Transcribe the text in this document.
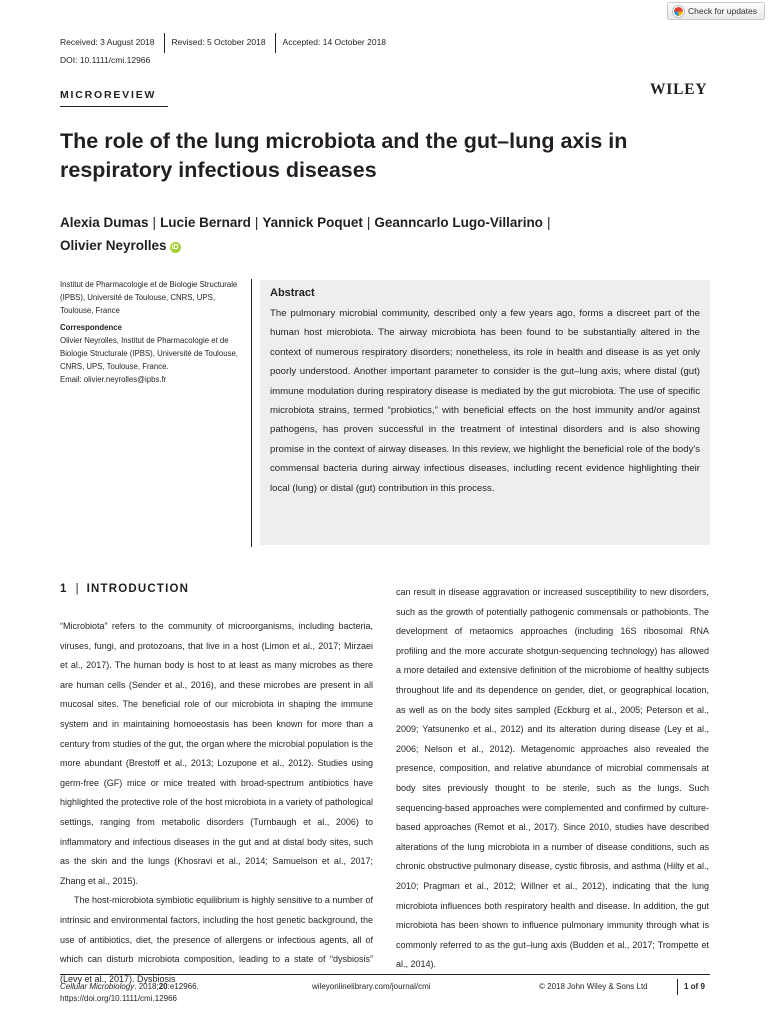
Check for updates
Received: 3 August 2018	Revised: 5 October 2018	Accepted: 14 October 2018
DOI: 10.1111/cmi.12966
MICROREVIEW	WILEY
The role of the lung microbiota and the gut–lung axis in
respiratory infectious diseases
Alexia Dumas | Lucie Bernard | Yannick Poquet | Geanncarlo Lugo-Villarino |
Olivier Neyrolles iD
Institut de Pharmacologie et de Biologie Structurale (IPBS), Université de Toulouse, CNRS, UPS, Toulouse, France
Correspondence
Olivier Neyrolles, Institut de Pharmacologie et de Biologie Structurale (IPBS), Université de Toulouse, CNRS, UPS, Toulouse, France.
Email: olivier.neyrolles@ipbs.fr
Abstract

The pulmonary microbial community, described only a few years ago, forms a discreet part of the human host microbiota. The airway microbiota has been found to be substantially altered in the context of numerous respiratory disorders; nonetheless, its role in health and disease is as yet only poorly understood. Another important parameter to consider is the gut–lung axis, where distal (gut) immune modulation during respiratory disease is mediated by the gut microbiota. The use of specific microbiota strains, termed “probiotics,” with beneficial effects on the host immunity and/or against pathogens, has proven successful in the treatment of intestinal disorders and is also showing promise in the context of airway diseases. In this review, we highlight the beneficial role of the body's commensal bacteria during airway infectious diseases, including recent evidence highlighting their local (lung) or distal (gut) contribution in this process.

1 | INTRODUCTION

“Microbiota” refers to the community of microorganisms, including bacteria, viruses, fungi, and protozoans, that live in a host (Limon et al., 2017; Mirzaei et al., 2017). The human body is host to at least as many microbes as there are human cells (Sender et al., 2016), and these microbes are present in all mucosal sites. The beneficial role of our microbiota in shaping the immune system and in maintaining homoeostasis has been known for more than a century from studies of the gut, the organ where the microbial population is the more abundant (Brestoff et al., 2013; Lozupone et al., 2012). Studies using germ-free (GF) mice or mice treated with broad-spectrum antibiotics have highlighted the protective role of the host microbiota in a variety of pathological settings, ranging from metabolic disorders (Turnbaugh et al., 2006) to inflammatory and infectious diseases in the gut and at distal body sites, such as the skin and the lungs (Khosravi et al., 2014; Samuelson et al., 2017; Zhang et al., 2015).

The host-microbiota symbiotic equilibrium is highly sensitive to a number of intrinsic and environmental factors, including the host genetic background, the use of antibiotics, diet, the presence of allergens or infectious agents, all of which can disturb microbiota composition, leading to a state of “dysbiosis” (Levy et al., 2017). Dysbiosis

can result in disease aggravation or increased susceptibility to new disorders, such as the growth of potentially pathogenic commensals or pathobionts. The development of metaomics approaches (including 16S ribosomal RNA profiling and the more accurate shotgun-sequencing technology) has allowed a more detailed and extensive definition of the microbiome of healthy subjects throughout life and its dependence on gender, diet, or geographical location, as well as on the body sites sampled (Eckburg et al., 2005; Peterson et al., 2009; Yatsunenko et al., 2012) and its alteration during disease (Ley et al., 2006; Nelson et al., 2012). Metagenomic approaches also revealed the presence, composition, and relative abundance of microbial commensals at body sites previously thought to be sterile, such as the lungs. Such sequencing-based approaches were complemented and confirmed by culture-based approaches (Remot et al., 2017). Since 2010, studies have described alterations of the lung microbiota in a number of disease conditions, such as chronic obstructive pulmonary disease, cystic fibrosis, and asthma (Hilty et al., 2010; Pragman et al., 2012; Willner et al., 2012), indicating that the lung microbiota influences both respiratory health and disease. In addition, the gut microbiota has been shown to influence pulmonary immunity through what is commonly referred to as the gut–lung axis (Budden et al., 2017; Trompette et al., 2014).

Cellular Microbiology. 2018;20:e12966.
https://doi.org/10.1111/cmi.12966
wileyonlinelibrary.com/journal/cmi	© 2018 John Wiley & Sons Ltd	1 of 9
